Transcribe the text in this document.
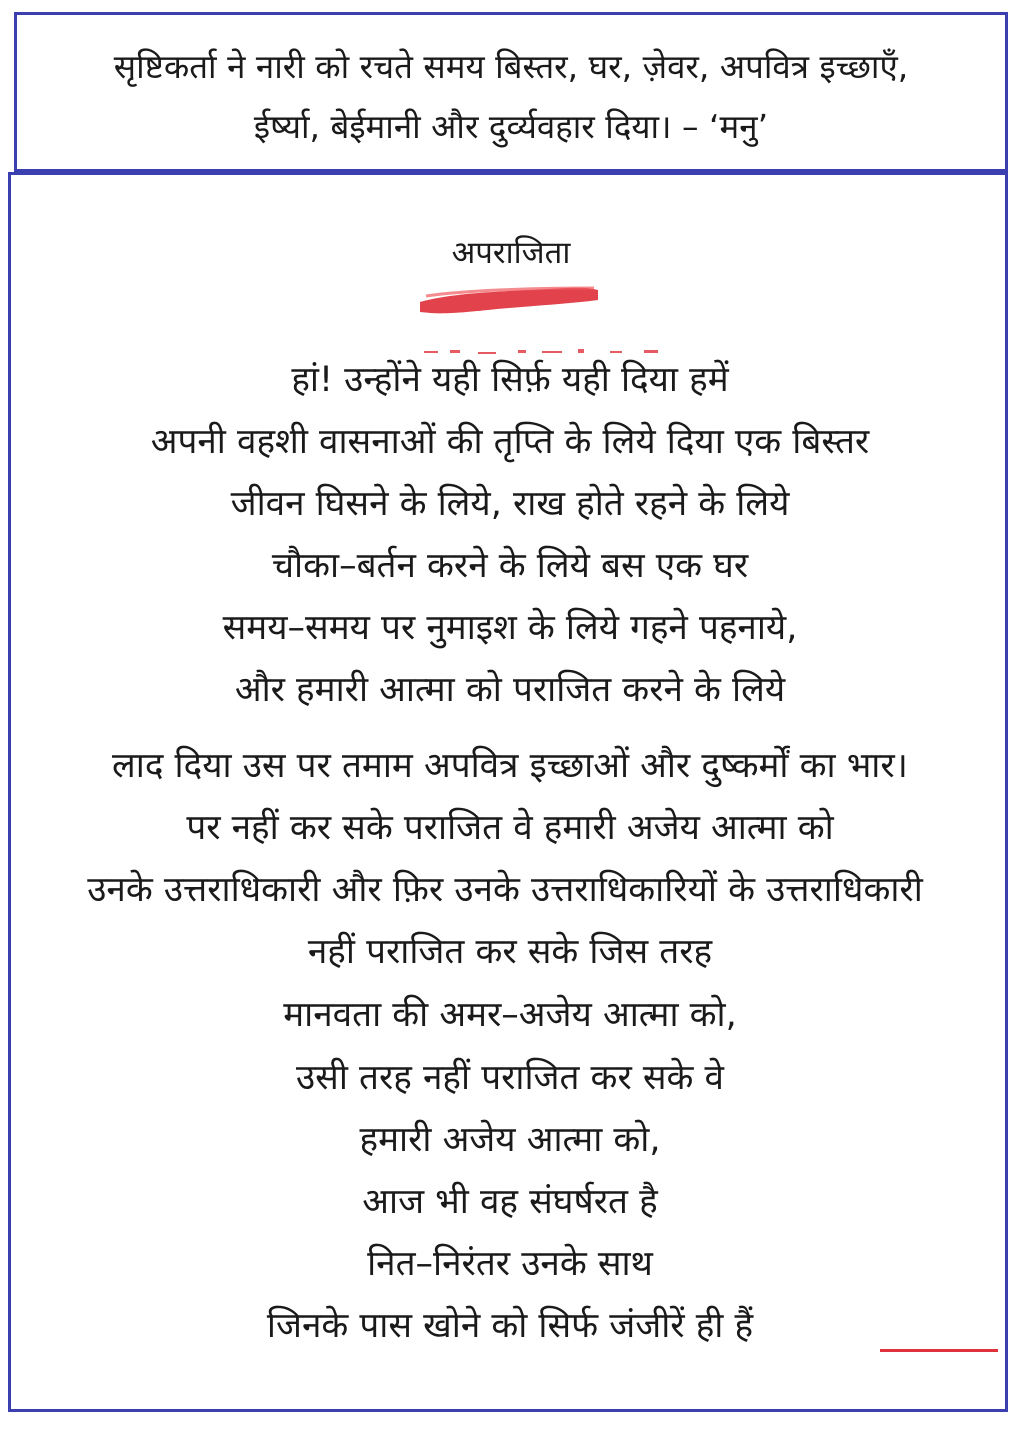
सृष्टिकर्ता ने नारी को रचते समय बिस्तर, घर, ज़ेवर, अपवित्र इच्छाएँ,
ईर्ष्या, बेईमानी और दुर्व्यवहार दिया। – ‘मनु’
अपराजिता
हां! उन्होंने यही सिर्फ़ यही दिया हमें
अपनी वहशी वासनाओं की तृप्ति के लिये दिया एक बिस्तर
जीवन घिसने के लिये, राख होते रहने के लिये
चौका–बर्तन करने के लिये बस एक घर
समय–समय पर नुमाइश के लिये गहने पहनाये,
और हमारी आत्मा को पराजित करने के लिये
लाद दिया उस पर तमाम अपवित्र इच्छाओं और दुष्कर्मों का भार।
पर नहीं कर सके पराजित वे हमारी अजेय आत्मा को
उनके उत्तराधिकारी और फ़िर उनके उत्तराधिकारियों के उत्तराधिकारी
नहीं पराजित कर सके जिस तरह
मानवता की अमर–अजेय आत्मा को,
उसी तरह नहीं पराजित कर सके वे
हमारी अजेय आत्मा को,
आज भी वह संघर्षरत है
नित–निरंतर उनके साथ
जिनके पास खोने को सिर्फ जंजीरें ही हैं
